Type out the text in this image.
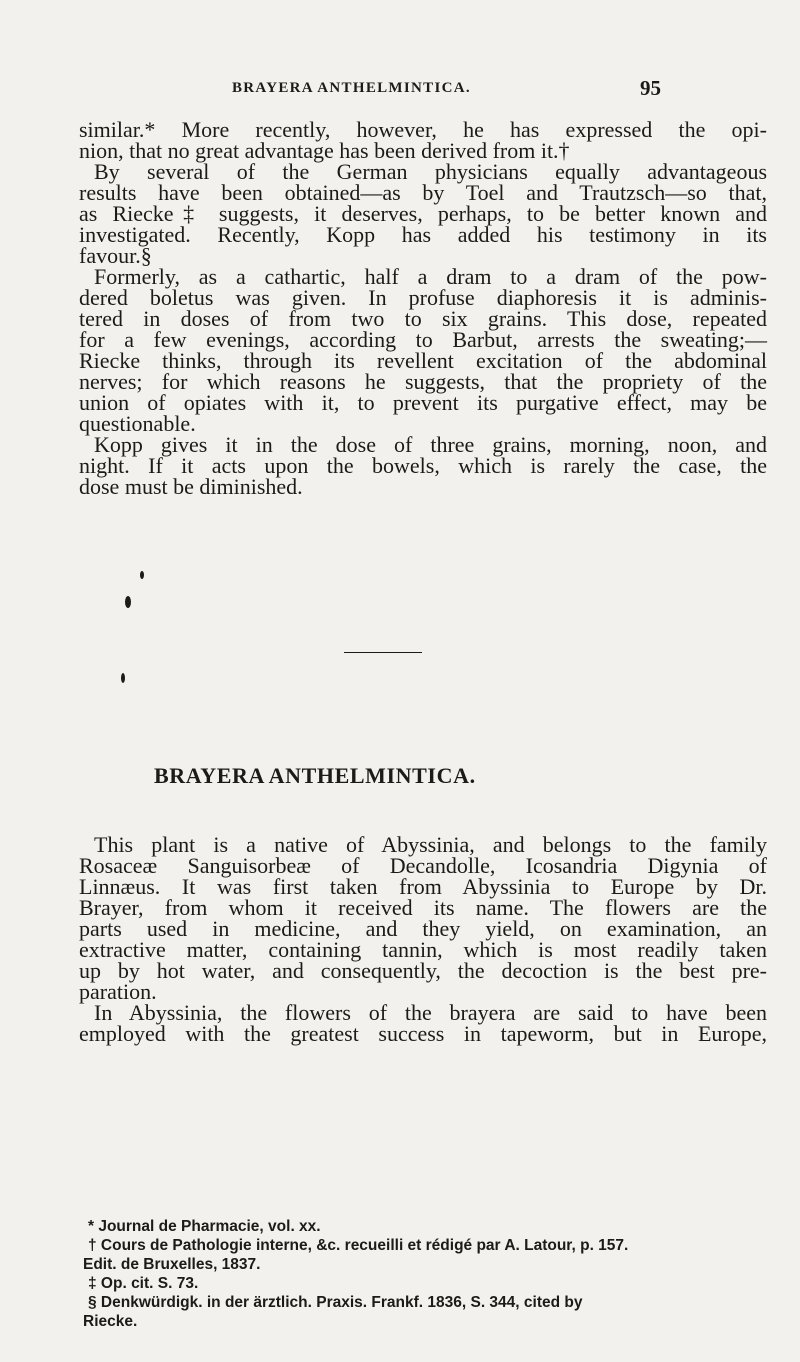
BRAYERA ANTHELMINTICA.	95
similar.* More recently, however, he has expressed the opi-
nion, that no great advantage has been derived from it.†
By several of the German physicians equally advantageous
results have been obtained—as by Toel and Trautzsch—so that,
as Riecke‡ suggests, it deserves, perhaps, to be better known and
investigated. Recently, Kopp has added his testimony in its
favour.§
Formerly, as a cathartic, half a dram to a dram of the pow-
dered boletus was given. In profuse diaphoresis it is adminis-
tered in doses of from two to six grains. This dose, repeated
for a few evenings, according to Barbut, arrests the sweating;—
Riecke thinks, through its revellent excitation of the abdominal
nerves; for which reasons he suggests, that the propriety of the
union of opiates with it, to prevent its purgative effect, may be
questionable.
Kopp gives it in the dose of three grains, morning, noon, and
night. If it acts upon the bowels, which is rarely the case, the
dose must be diminished.
BRAYERA ANTHELMINTICA.
This plant is a native of Abyssinia, and belongs to the family
Rosaceæ Sanguisorbeæ of Decandolle, Icosandria Digynia of
Linnæus. It was first taken from Abyssinia to Europe by Dr.
Brayer, from whom it received its name. The flowers are the
parts used in medicine, and they yield, on examination, an
extractive matter, containing tannin, which is most readily taken
up by hot water, and consequently, the decoction is the best pre-
paration.
In Abyssinia, the flowers of the brayera are said to have been
employed with the greatest success in tapeworm, but in Europe,
* Journal de Pharmacie, vol. xx.
† Cours de Pathologie interne, &c. recueilli et rédigé par A. Latour, p. 157.
Edit. de Bruxelles, 1837.
‡ Op. cit. S. 73.
§ Denkwürdigk. in der ärztlich. Praxis. Frankf. 1836, S. 344, cited by
Riecke.
